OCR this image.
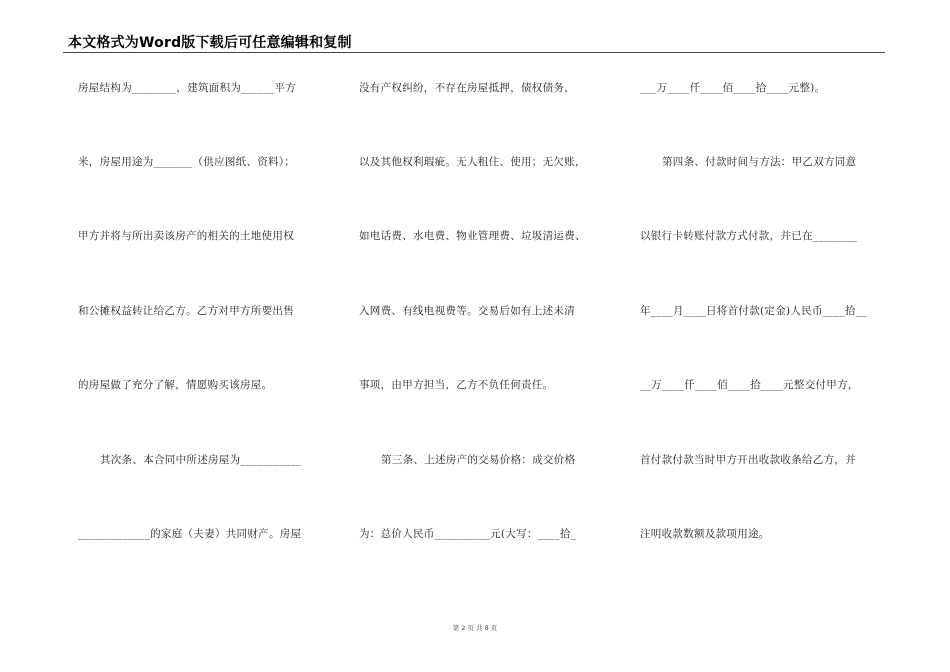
本文格式为Word版下载后可任意编辑和复制
房屋结构为________，建筑面积为______平方
米，房屋用途为_______（供应图纸、资料）；
甲方并将与所出卖该房产的相关的土地使用权
和公摊权益转让给乙方。乙方对甲方所要出售
的房屋做了充分了解，情愿购买该房屋。
其次条、本合同中所述房屋为___________
_____________的家庭（夫妻）共同财产。房屋
没有产权纠纷，不存在房屋抵押，债权债务，
以及其他权利瑕疵。无人租住、使用；无欠账，
如电话费、水电费、物业管理费、垃圾清运费、
入网费、有线电视费等。交易后如有上述未清
事项，由甲方担当，乙方不负任何责任。
第三条、上述房产的交易价格：成交价格
为：总价人民币__________元(大写：____拾_
___万____仟____佰____拾____元整)。
第四条、付款时间与方法：甲乙双方同意
以银行卡转账付款方式付款，并已在________
年____月____日将首付款(定金)人民币____拾__
__万____仟____佰____拾____元整交付甲方，
首付款付款当时甲方开出收款收条给乙方，并
注明收款数额及款项用途。
第 2 页 共 8 页
